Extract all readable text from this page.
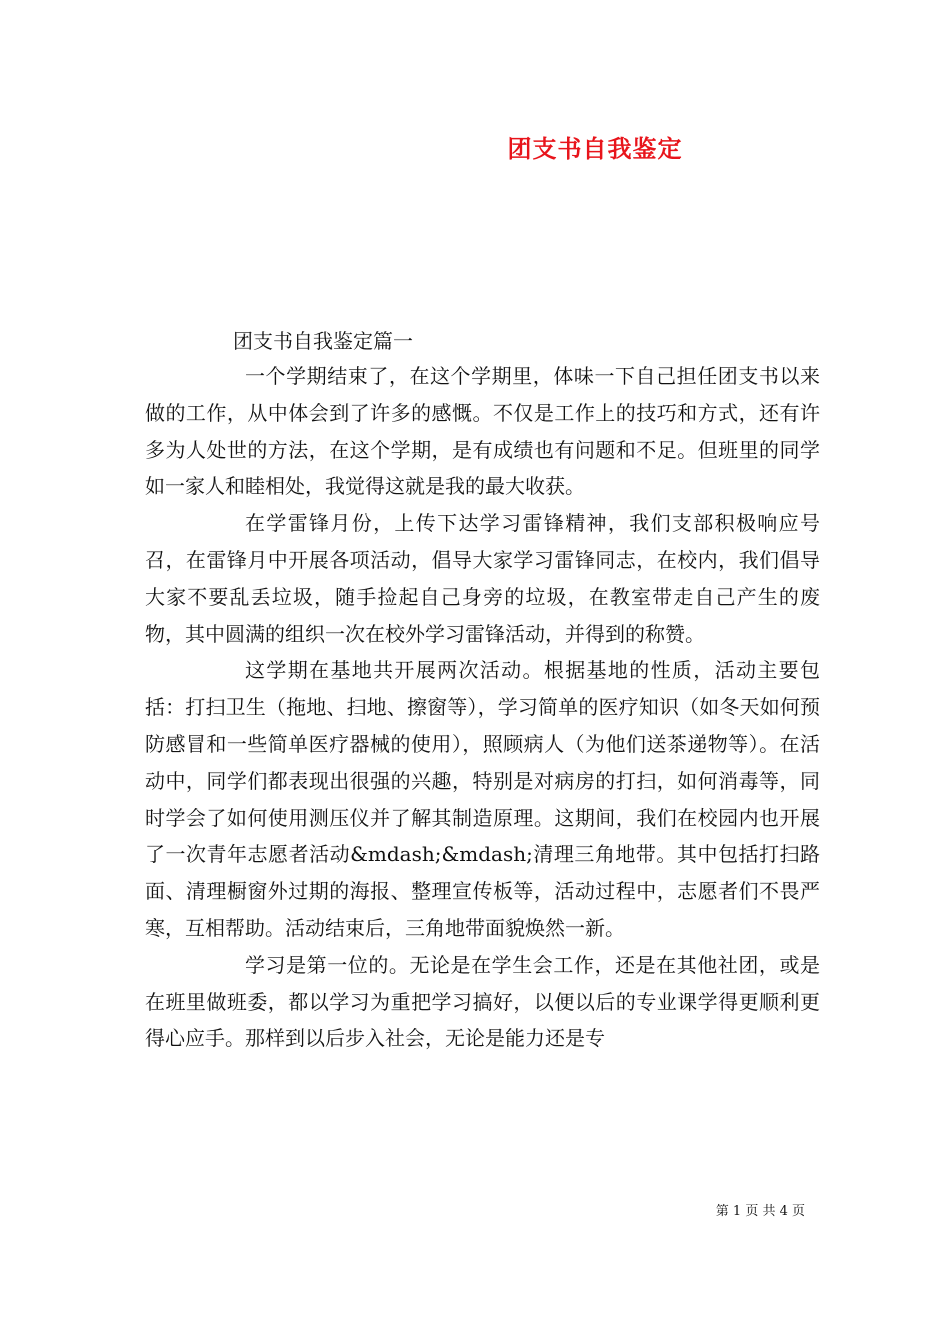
团支书自我鉴定
团支书自我鉴定篇一

一个学期结束了，在这个学期里，体味一下自己担任团支书以来做的工作，从中体会到了许多的感慨。不仅是工作上的技巧和方式，还有许多为人处世的方法，在这个学期，是有成绩也有问题和不足。但班里的同学如一家人和睦相处，我觉得这就是我的最大收获。

在学雷锋月份，上传下达学习雷锋精神，我们支部积极响应号召，在雷锋月中开展各项活动，倡导大家学习雷锋同志，在校内，我们倡导大家不要乱丢垃圾，随手捡起自己身旁的垃圾，在教室带走自己产生的废物，其中圆满的组织一次在校外学习雷锋活动，并得到的称赞。

这学期在基地共开展两次活动。根据基地的性质，活动主要包括：打扫卫生（拖地、扫地、擦窗等），学习简单的医疗知识（如冬天如何预防感冒和一些简单医疗器械的使用），照顾病人（为他们送茶递物等）。在活动中，同学们都表现出很强的兴趣，特别是对病房的打扫，如何消毒等，同时学会了如何使用测压仪并了解其制造原理。这期间，我们在校园内也开展了一次青年志愿者活动&mdash;&mdash;清理三角地带。其中包括打扫路面、清理橱窗外过期的海报、整理宣传板等，活动过程中，志愿者们不畏严寒，互相帮助。活动结束后，三角地带面貌焕然一新。

学习是第一位的。无论是在学生会工作，还是在其他社团，或是在班里做班委，都以学习为重把学习搞好，以便以后的专业课学得更顺利更得心应手。那样到以后步入社会，无论是能力还是专

第 1 页 共 4 页
